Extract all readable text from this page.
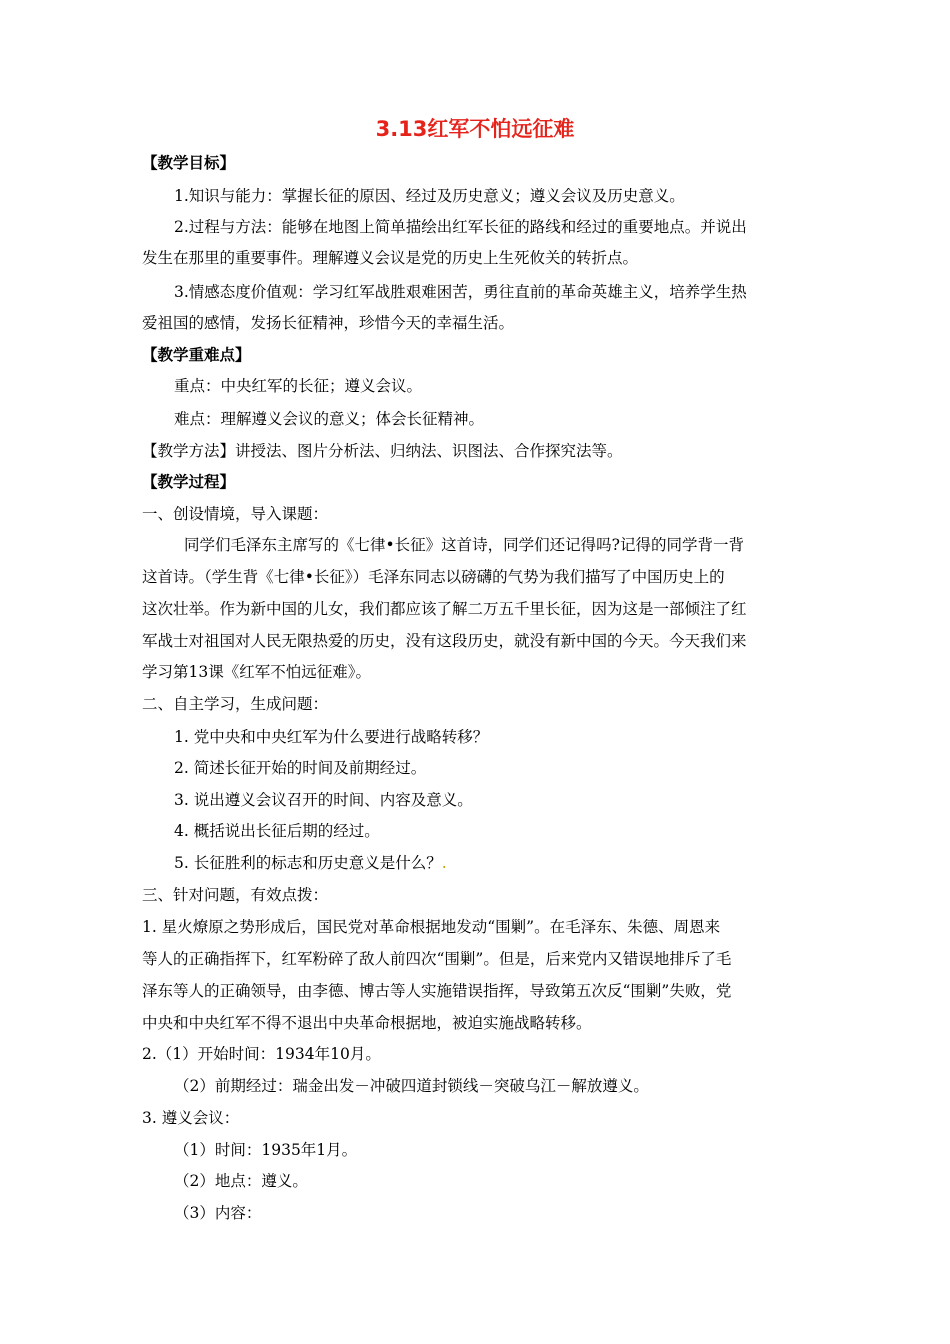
3.13红军不怕远征难
【教学目标】
1.知识与能力：掌握长征的原因、经过及历史意义；遵义会议及历史意义。
2.过程与方法：能够在地图上简单描绘出红军长征的路线和经过的重要地点。并说出
发生在那里的重要事件。理解遵义会议是党的历史上生死攸关的转折点。
3.情感态度价值观：学习红军战胜艰难困苦，勇往直前的革命英雄主义，培养学生热
爱祖国的感情，发扬长征精神，珍惜今天的幸福生活。
【教学重难点】
重点：中央红军的长征；遵义会议。
难点：理解遵义会议的意义；体会长征精神。
【教学方法】讲授法、图片分析法、归纳法、识图法、合作探究法等。
【教学过程】
一、创设情境，导入课题：
同学们毛泽东主席写的《七律•长征》这首诗，同学们还记得吗?记得的同学背一背
这首诗。（学生背《七律•长征》）毛泽东同志以磅礴的气势为我们描写了中国历史上的
这次壮举。作为新中国的儿女，我们都应该了解二万五千里长征，因为这是一部倾注了红
军战士对祖国对人民无限热爱的历史，没有这段历史，就没有新中国的今天。今天我们来
学习第13课《红军不怕远征难》。
二、自主学习，生成问题：
1. 党中央和中央红军为什么要进行战略转移？
2. 简述长征开始的时间及前期经过。
3. 说出遵义会议召开的时间、内容及意义。
4. 概括说出长征后期的经过。
5. 长征胜利的标志和历史意义是什么？.
三、针对问题，有效点拨：
1. 星火燎原之势形成后，国民党对革命根据地发动“围剿”。在毛泽东、朱德、周恩来
等人的正确指挥下，红军粉碎了敌人前四次“围剿”。但是，后来党内又错误地排斥了毛
泽东等人的正确领导，由李德、博古等人实施错误指挥，导致第五次反“围剿”失败，党
中央和中央红军不得不退出中央革命根据地，被迫实施战略转移。
2.（1）开始时间：1934年10月。
（2）前期经过：瑞金出发－冲破四道封锁线－突破乌江－解放遵义。
3. 遵义会议：
（1）时间：1935年1月。
（2）地点：遵义。
（3）内容：
